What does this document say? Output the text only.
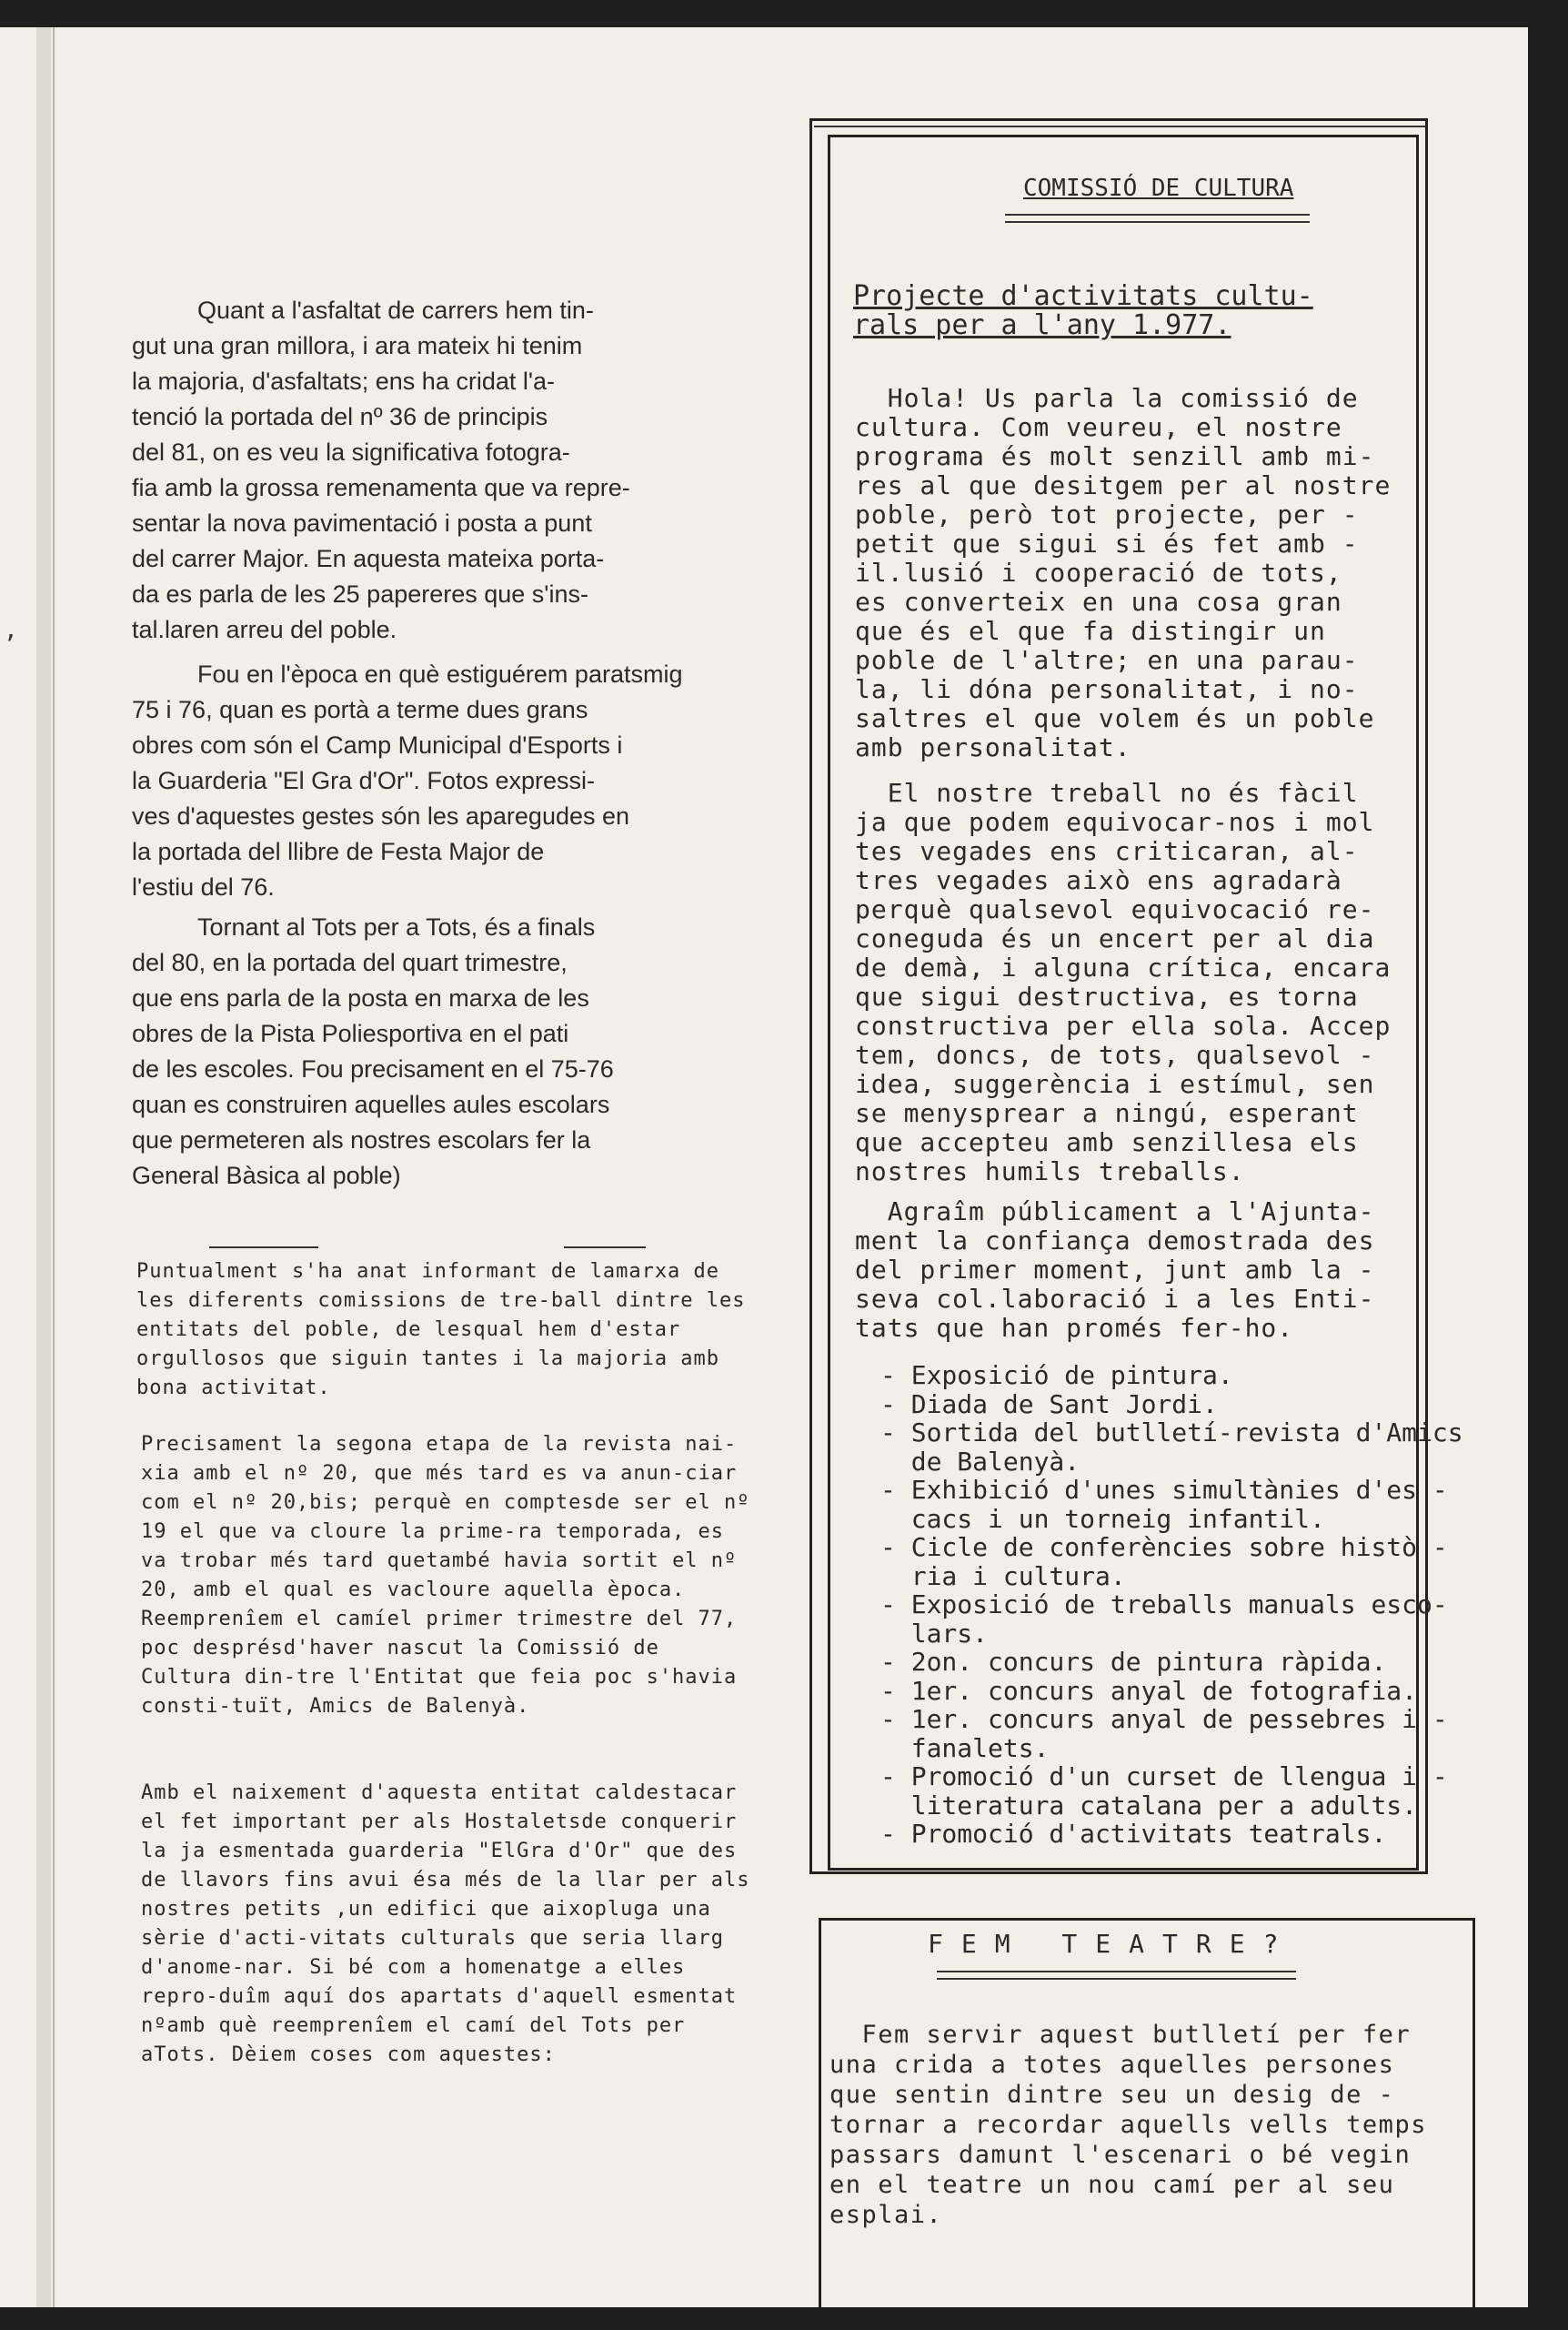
,
Quant a l'asfaltat de carrers hem tin-
gut una gran millora, i ara mateix hi tenim
la majoria, d'asfaltats; ens ha cridat l'a-
tenció la portada del nº 36 de principis
del 81, on es veu la significativa fotogra-
fia amb la grossa remenamenta que va repre-
sentar la nova pavimentació i posta a punt
del carrer Major. En aquesta mateixa porta-
da es parla de les 25 papereres que s'ins-
tal.laren arreu del poble.
Fou en l'època en què estiguérem paratsmig
75 i 76, quan es portà a terme dues grans
obres com són el Camp Municipal d'Esports i
la Guarderia "El Gra d'Or". Fotos expressi-
ves d'aquestes gestes són les aparegudes en
la portada del llibre de Festa Major de
l'estiu del 76.
Tornant al Tots per a Tots, és a finals
del 80, en la portada del quart trimestre,
que ens parla de la posta en marxa de les
obres de la Pista Poliesportiva en el pati
de les escoles. Fou precisament en el 75-76
quan es construiren aquelles aules escolars
que permeteren als nostres escolars fer la
General Bàsica al poble)
Puntualment s'ha anat informant de lamarxa de les diferents comissions de tre-ball dintre les entitats del poble, de lesqual hem d'estar orgullosos que siguin tantes i la majoria amb bona activitat.
Precisament la segona etapa de la revista nai-xia amb el nº 20, que més tard es va anun-ciar com el nº 20,bis; perquè en comptesde ser el nº 19 el que va cloure la prime-ra temporada, es va trobar més tard quetambé havia sortit el nº 20, amb el qual es vacloure aquella època. Reemprenîem el camíel primer trimestre del 77, poc desprésd'haver nascut la Comissió de Cultura din-tre l'Entitat que feia poc s'havia consti-tuït, Amics de Balenyà.
Amb el naixement d'aquesta entitat caldestacar el fet important per als Hostaletsde conquerir la ja esmentada guarderia "ElGra d'Or" que des de llavors fins avui ésa més de la llar per als nostres petits ,un edifici que aixopluga una sèrie d'acti-vitats culturals que seria llarg d'anome-nar. Si bé com a homenatge a elles repro-duîm aquí dos apartats d'aquell esmentat nºamb què reemprenîem el camí del Tots per aTots. Dèiem coses com aquestes:
COMISSIÓ DE CULTURA
Projecte d'activitats cultu-
rals per a l'any 1.977.
Hola! Us parla la comissió de
cultura. Com veureu, el nostre
programa és molt senzill amb mi-
res al que desitgem per al nostre
poble, però tot projecte, per -
petit que sigui si és fet amb -
il.lusió i cooperació de tots,
es converteix en una cosa gran
que és el que fa distingir un
poble de l'altre; en una parau-
la, li dóna personalitat, i no-
saltres el que volem és un poble
amb personalitat.
El nostre treball no és fàcil
ja que podem equivocar-nos i mol
tes vegades ens criticaran, al-
tres vegades això ens agradarà
perquè qualsevol equivocació re-
coneguda és un encert per al dia
de demà, i alguna crítica, encara
que sigui destructiva, es torna
constructiva per ella sola. Accep
tem, doncs, de tots, qualsevol -
idea, suggerència i estímul, sen
se menysprear a ningú, esperant
que accepteu amb senzillesa els
nostres humils treballs.
Agraîm públicament a l'Ajunta-
ment la confiança demostrada des
del primer moment, junt amb la -
seva col.laboració i a les Enti-
tats que han promés fer-ho.
- Exposició de pintura.
- Diada de Sant Jordi.
- Sortida del butlletí-revista d'Amics
de Balenyà.
- Exhibició d'unes simultànies d'es -
cacs i un torneig infantil.
- Cicle de conferències sobre histò -
ria i cultura.
- Exposició de treballs manuals esco-
lars.
- 2on. concurs de pintura ràpida.
- 1er. concurs anyal de fotografia.
- 1er. concurs anyal de pessebres i -
fanalets.
- Promoció d'un curset de llengua i -
literatura catalana per a adults.
- Promoció d'activitats teatrals.
FEM TEATRE?
Fem servir aquest butlletí per fer
una crida a totes aquelles persones
que sentin dintre seu un desig de -
tornar a recordar aquells vells temps
passars damunt l'escenari o bé vegin
en el teatre un nou camí per al seu
esplai.
